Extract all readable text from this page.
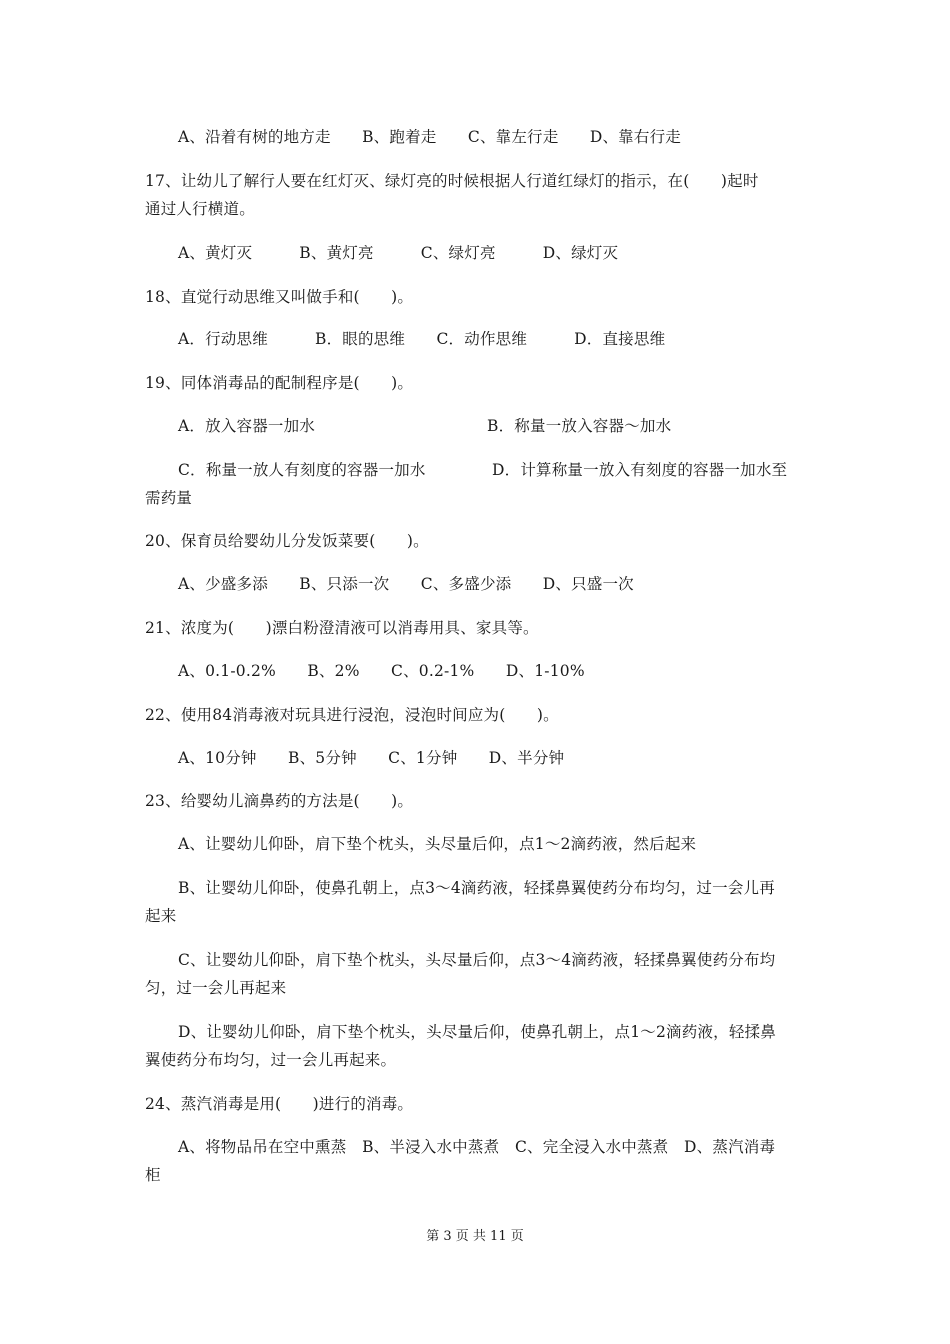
A、沿着有树的地方走　　B、跑着走　　C、靠左行走　　D、靠右行走
17、让幼儿了解行人要在红灯灭、绿灯亮的时候根据人行道红绿灯的指示，在(　　)起时
通过人行横道。
A、黄灯灭　　　B、黄灯亮　　　C、绿灯亮　　　D、绿灯灭
18、直觉行动思维又叫做手和(　　)。
A．行动思维　　　B．眼的思维　　C．动作思维　　　D．直接思维
19、同体消毒品的配制程序是(　　)。
A．放入容器一加水	B．称量一放入容器～加水
C．称量一放人有刻度的容器一加水	D．计算称量一放入有刻度的容器一加水至
需药量
20、保育员给婴幼儿分发饭菜要(　　)。
A、少盛多添　　B、只添一次　　C、多盛少添　　D、只盛一次
21、浓度为(　　)漂白粉澄清液可以消毒用具、家具等。
A、0.1-0.2%　　B、2%　　C、0.2-1%　　D、1-10%
22、使用84消毒液对玩具进行浸泡，浸泡时间应为(　　)。
A、10分钟　　B、5分钟　　C、1分钟　　D、半分钟
23、给婴幼儿滴鼻药的方法是(　　)。
A、让婴幼儿仰卧，肩下垫个枕头，头尽量后仰，点1～2滴药液，然后起来
B、让婴幼儿仰卧，使鼻孔朝上，点3～4滴药液，轻揉鼻翼使药分布均匀，过一会儿再
起来
C、让婴幼儿仰卧，肩下垫个枕头，头尽量后仰，点3～4滴药液，轻揉鼻翼使药分布均
匀，过一会儿再起来
D、让婴幼儿仰卧，肩下垫个枕头，头尽量后仰，使鼻孔朝上，点1～2滴药液，轻揉鼻
翼使药分布均匀，过一会儿再起来。
24、蒸汽消毒是用(　　)进行的消毒。
A、将物品吊在空中熏蒸　B、半浸入水中蒸煮　C、完全浸入水中蒸煮　D、蒸汽消毒
柜
第 3 页 共 11 页
